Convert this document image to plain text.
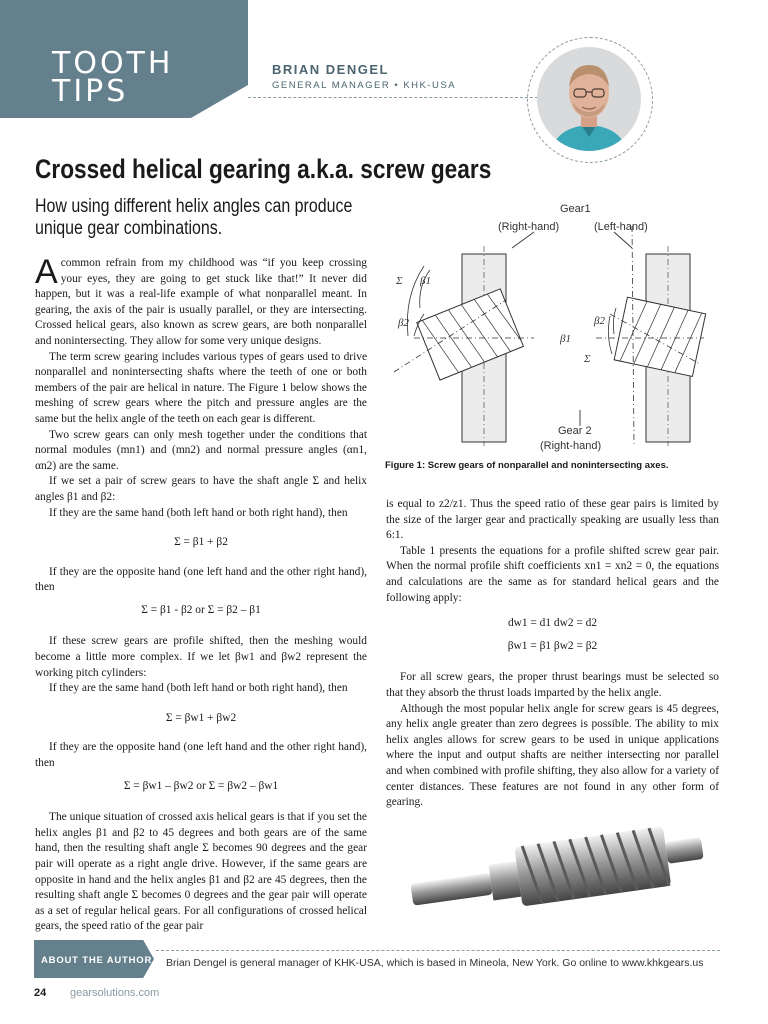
TOOTH
TIPS
BRIAN DENGEL
GENERAL MANAGER • KHK-USA
Crossed helical gearing a.k.a. screw gears
How using different helix angles can produce unique gear combinations.

Acommon refrain from my childhood was “if you keep crossing your eyes, they are going to get stuck like that!” It never did happen, but it was a real-life example of what nonparallel meant. In gearing, the axis of the pair is usually parallel, or they are intersecting. Crossed helical gears, also known as screw gears, are both nonparallel and nonintersecting. They allow for some very unique designs.

The term screw gearing includes various types of gears used to drive nonparallel and nonintersecting shafts where the teeth of one or both members of the pair are helical in nature. The Figure 1 below shows the meshing of screw gears where the pitch and pressure angles are the same but the helix angle of the teeth on each gear is different.

Two screw gears can only mesh together under the conditions that normal modules (mn1) and (mn2) and normal pressure angles (αn1, αn2) are the same.

If we set a pair of screw gears to have the shaft angle Σ and helix angles β1 and β2:

If they are the same hand (both left hand or both right hand), then

Σ = β1 + β2

If they are the opposite hand (one left hand and the other right hand), then

Σ = β1 - β2 or Σ = β2 – β1

If these screw gears are profile shifted, then the meshing would become a little more complex. If we let βw1 and βw2 represent the working pitch cylinders:

If they are the same hand (both left hand or both right hand), then

Σ = βw1 + βw2

If they are the opposite hand (one left hand and the other right hand), then

Σ = βw1 – βw2 or Σ = βw2 – βw1

The unique situation of crossed axis helical gears is that if you set the helix angles β1 and β2 to 45 degrees and both gears are of the same hand, then the resulting shaft angle Σ becomes 90 degrees and the gear pair will operate as a right angle drive. However, if the same gears are opposite in hand and the helix angles β1 and β2 are 45 degrees, then the resulting shaft angle Σ becomes 0 degrees and the gear pair will operate as a set of regular helical gears. For all configurations of crossed helical gears, the speed ratio of the gear pair

Gear1
(Right-hand)	(Left-hand)
Gear 2
(Right-hand)
Σ β1
β2	β2
β1
Σ
Figure 1: Screw gears of nonparallel and nonintersecting axes.

is equal to z2/z1. Thus the speed ratio of these gear pairs is limited by the size of the larger gear and practically speaking are usually less than 6:1.

Table 1 presents the equations for a profile shifted screw gear pair. When the normal profile shift coefficients xn1 = xn2 = 0, the equations and calculations are the same as for standard helical gears and the following apply:

dw1 = d1 dw2 = d2
βw1 = β1 βw2 = β2

For all screw gears, the proper thrust bearings must be selected so that they absorb the thrust loads imparted by the helix angle.

Although the most popular helix angle for screw gears is 45 degrees, any helix angle greater than zero degrees is possible. The ability to mix helix angles allows for screw gears to be used in unique applications where the input and output shafts are neither intersecting nor parallel and when combined with profile shifting, they also allow for a variety of center distances. These features are not found in any other form of gearing.

ABOUT THE AUTHOR Brian Dengel is general manager of KHK-USA, which is based in Mineola, New York. Go online to www.khkgears.us
24 gearsolutions.com
